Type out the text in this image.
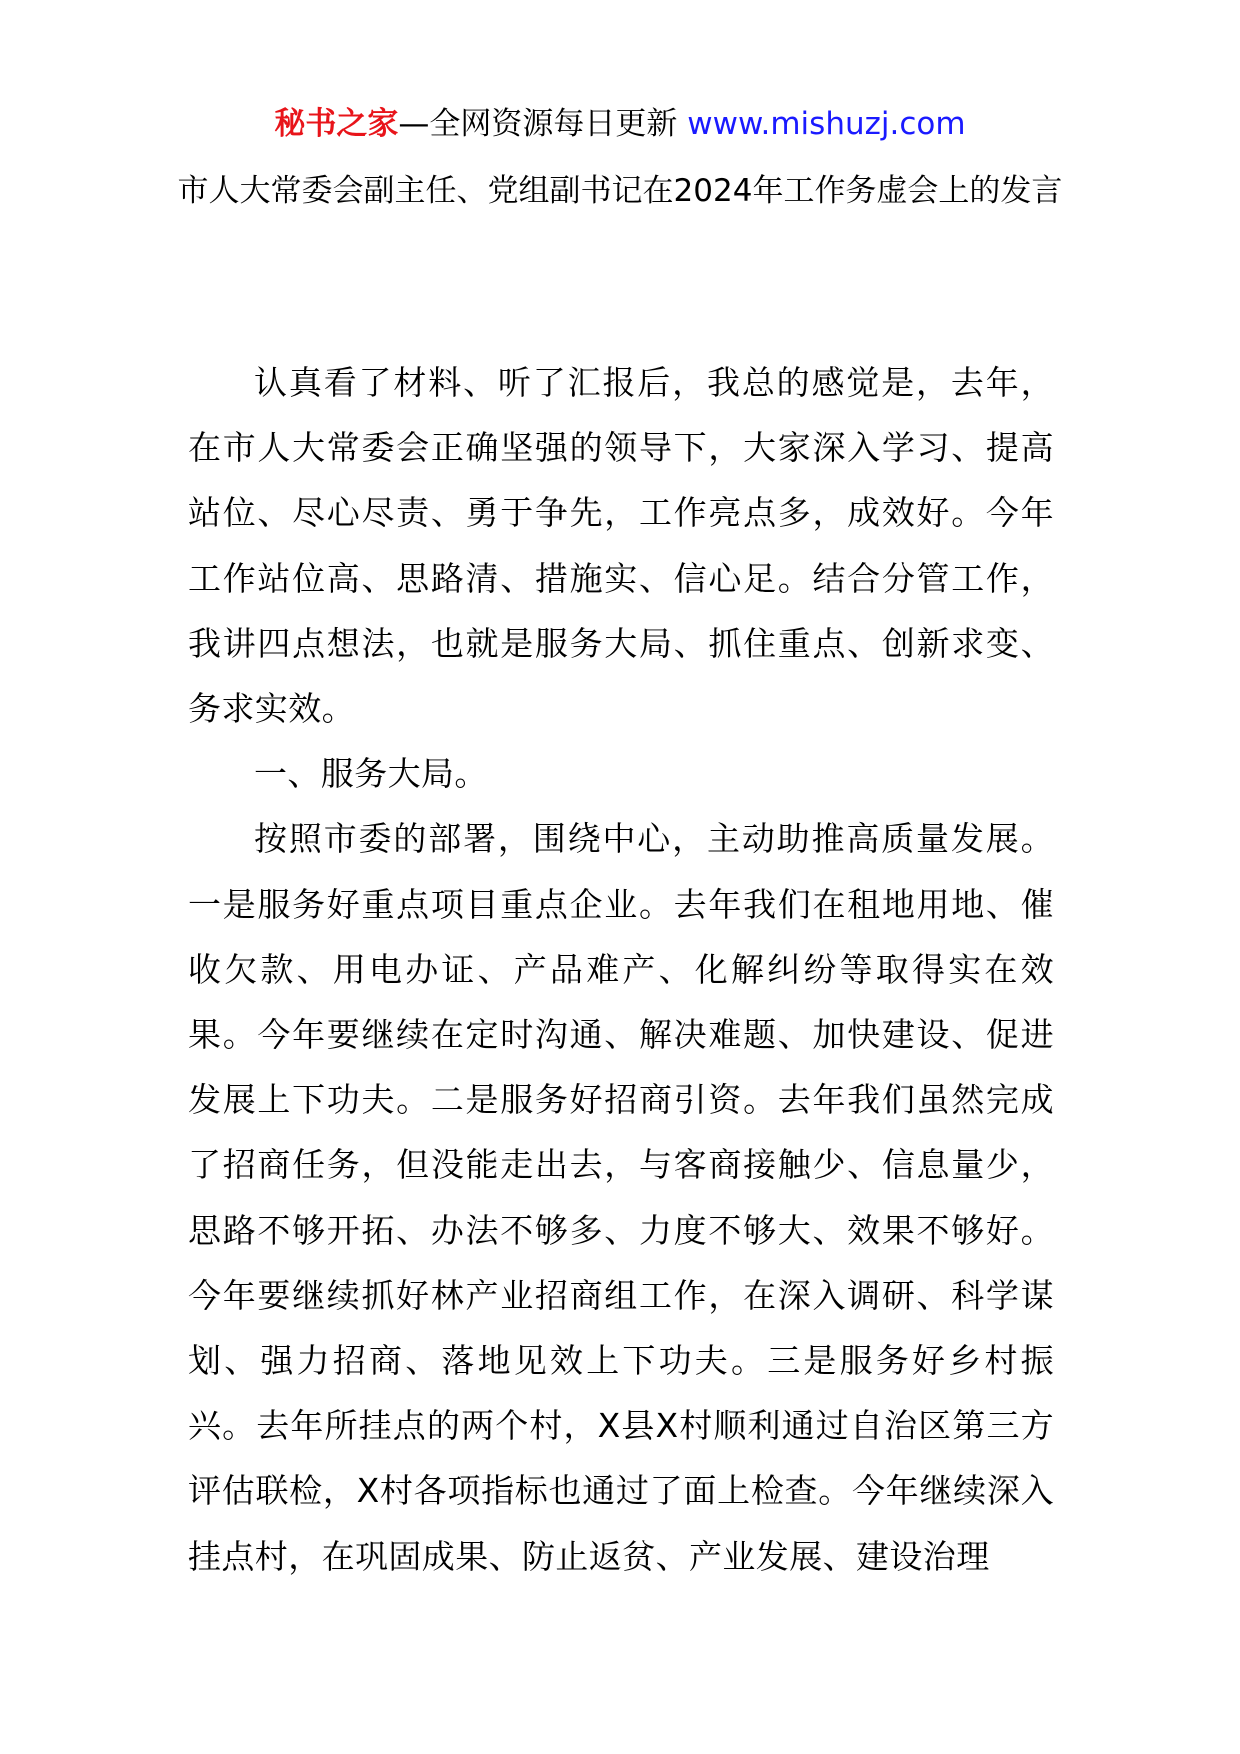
秘书之家—全网资源每日更新 www.mishuzj.com
市人大常委会副主任、党组副书记在2024年工作务虚会上的发言

认真看了材料、听了汇报后，我总的感觉是，去年，在市人大常委会正确坚强的领导下，大家深入学习、提高站位、尽心尽责、勇于争先，工作亮点多，成效好。今年工作站位高、思路清、措施实、信心足。结合分管工作，我讲四点想法，也就是服务大局、抓住重点、创新求变、务求实效。

一、服务大局。

按照市委的部署，围绕中心，主动助推高质量发展。一是服务好重点项目重点企业。去年我们在租地用地、催收欠款、用电办证、产品难产、化解纠纷等取得实在效果。今年要继续在定时沟通、解决难题、加快建设、促进发展上下功夫。二是服务好招商引资。去年我们虽然完成了招商任务，但没能走出去，与客商接触少、信息量少，思路不够开拓、办法不够多、力度不够大、效果不够好。今年要继续抓好林产业招商组工作，在深入调研、科学谋划、强力招商、落地见效上下功夫。三是服务好乡村振兴。去年所挂点的两个村，X县X村顺利通过自治区第三方评估联检，X村各项指标也通过了面上检查。今年继续深入挂点村，在巩固成果、防止返贫、产业发展、建设治理
